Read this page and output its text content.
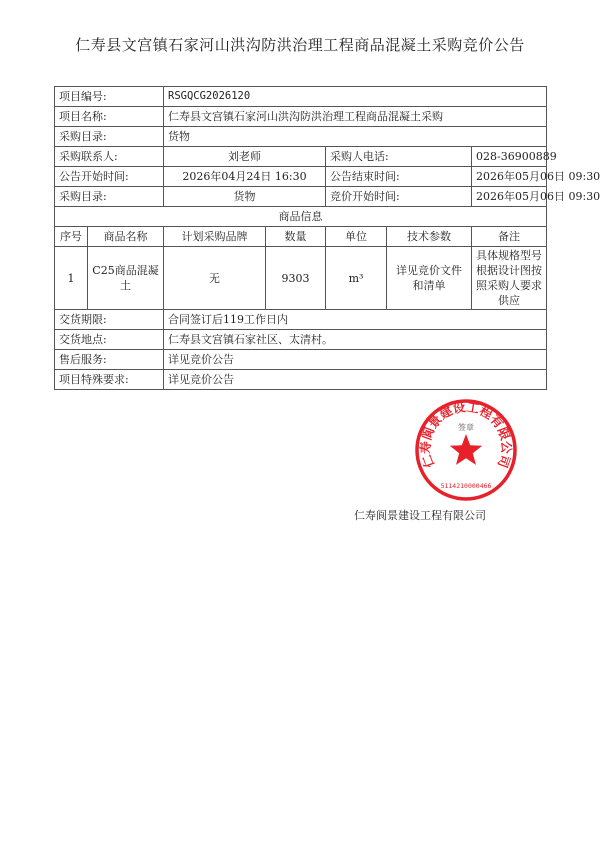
仁寿县文宫镇石家河山洪沟防洪治理工程商品混凝土采购竞价公告
项目编号:		RSGQCG2026120				
项目名称:		仁寿县文宫镇石家河山洪沟防洪治理工程商品混凝土采购				
采购目录:		货物				
采购联系人:		刘老师		采购人电话:		028-36900889
公告开始时间:		2026年04月24日 16:30		公告结束时间:		2026年05月06日 09:30
采购目录:		货物		竞价开始时间:		2026年05月06日 09:30
商品信息						
序号	商品名称	计划采购品牌	数量	单位	技术参数	备注
1	C25商品混凝土	无	9303	m³	详见竞价文件和清单	具体规格型号根据设计图按照采购人要求供应
交货期限:		合同签订后119工作日内				
交货地点:		仁寿县文宫镇石家社区、太清村。				
售后服务:		详见竞价公告				
项目特殊要求:		详见竞价公告				
仁寿阆景建设工程有限公司
签章
5114210000466
仁寿阆景建设工程有限公司
